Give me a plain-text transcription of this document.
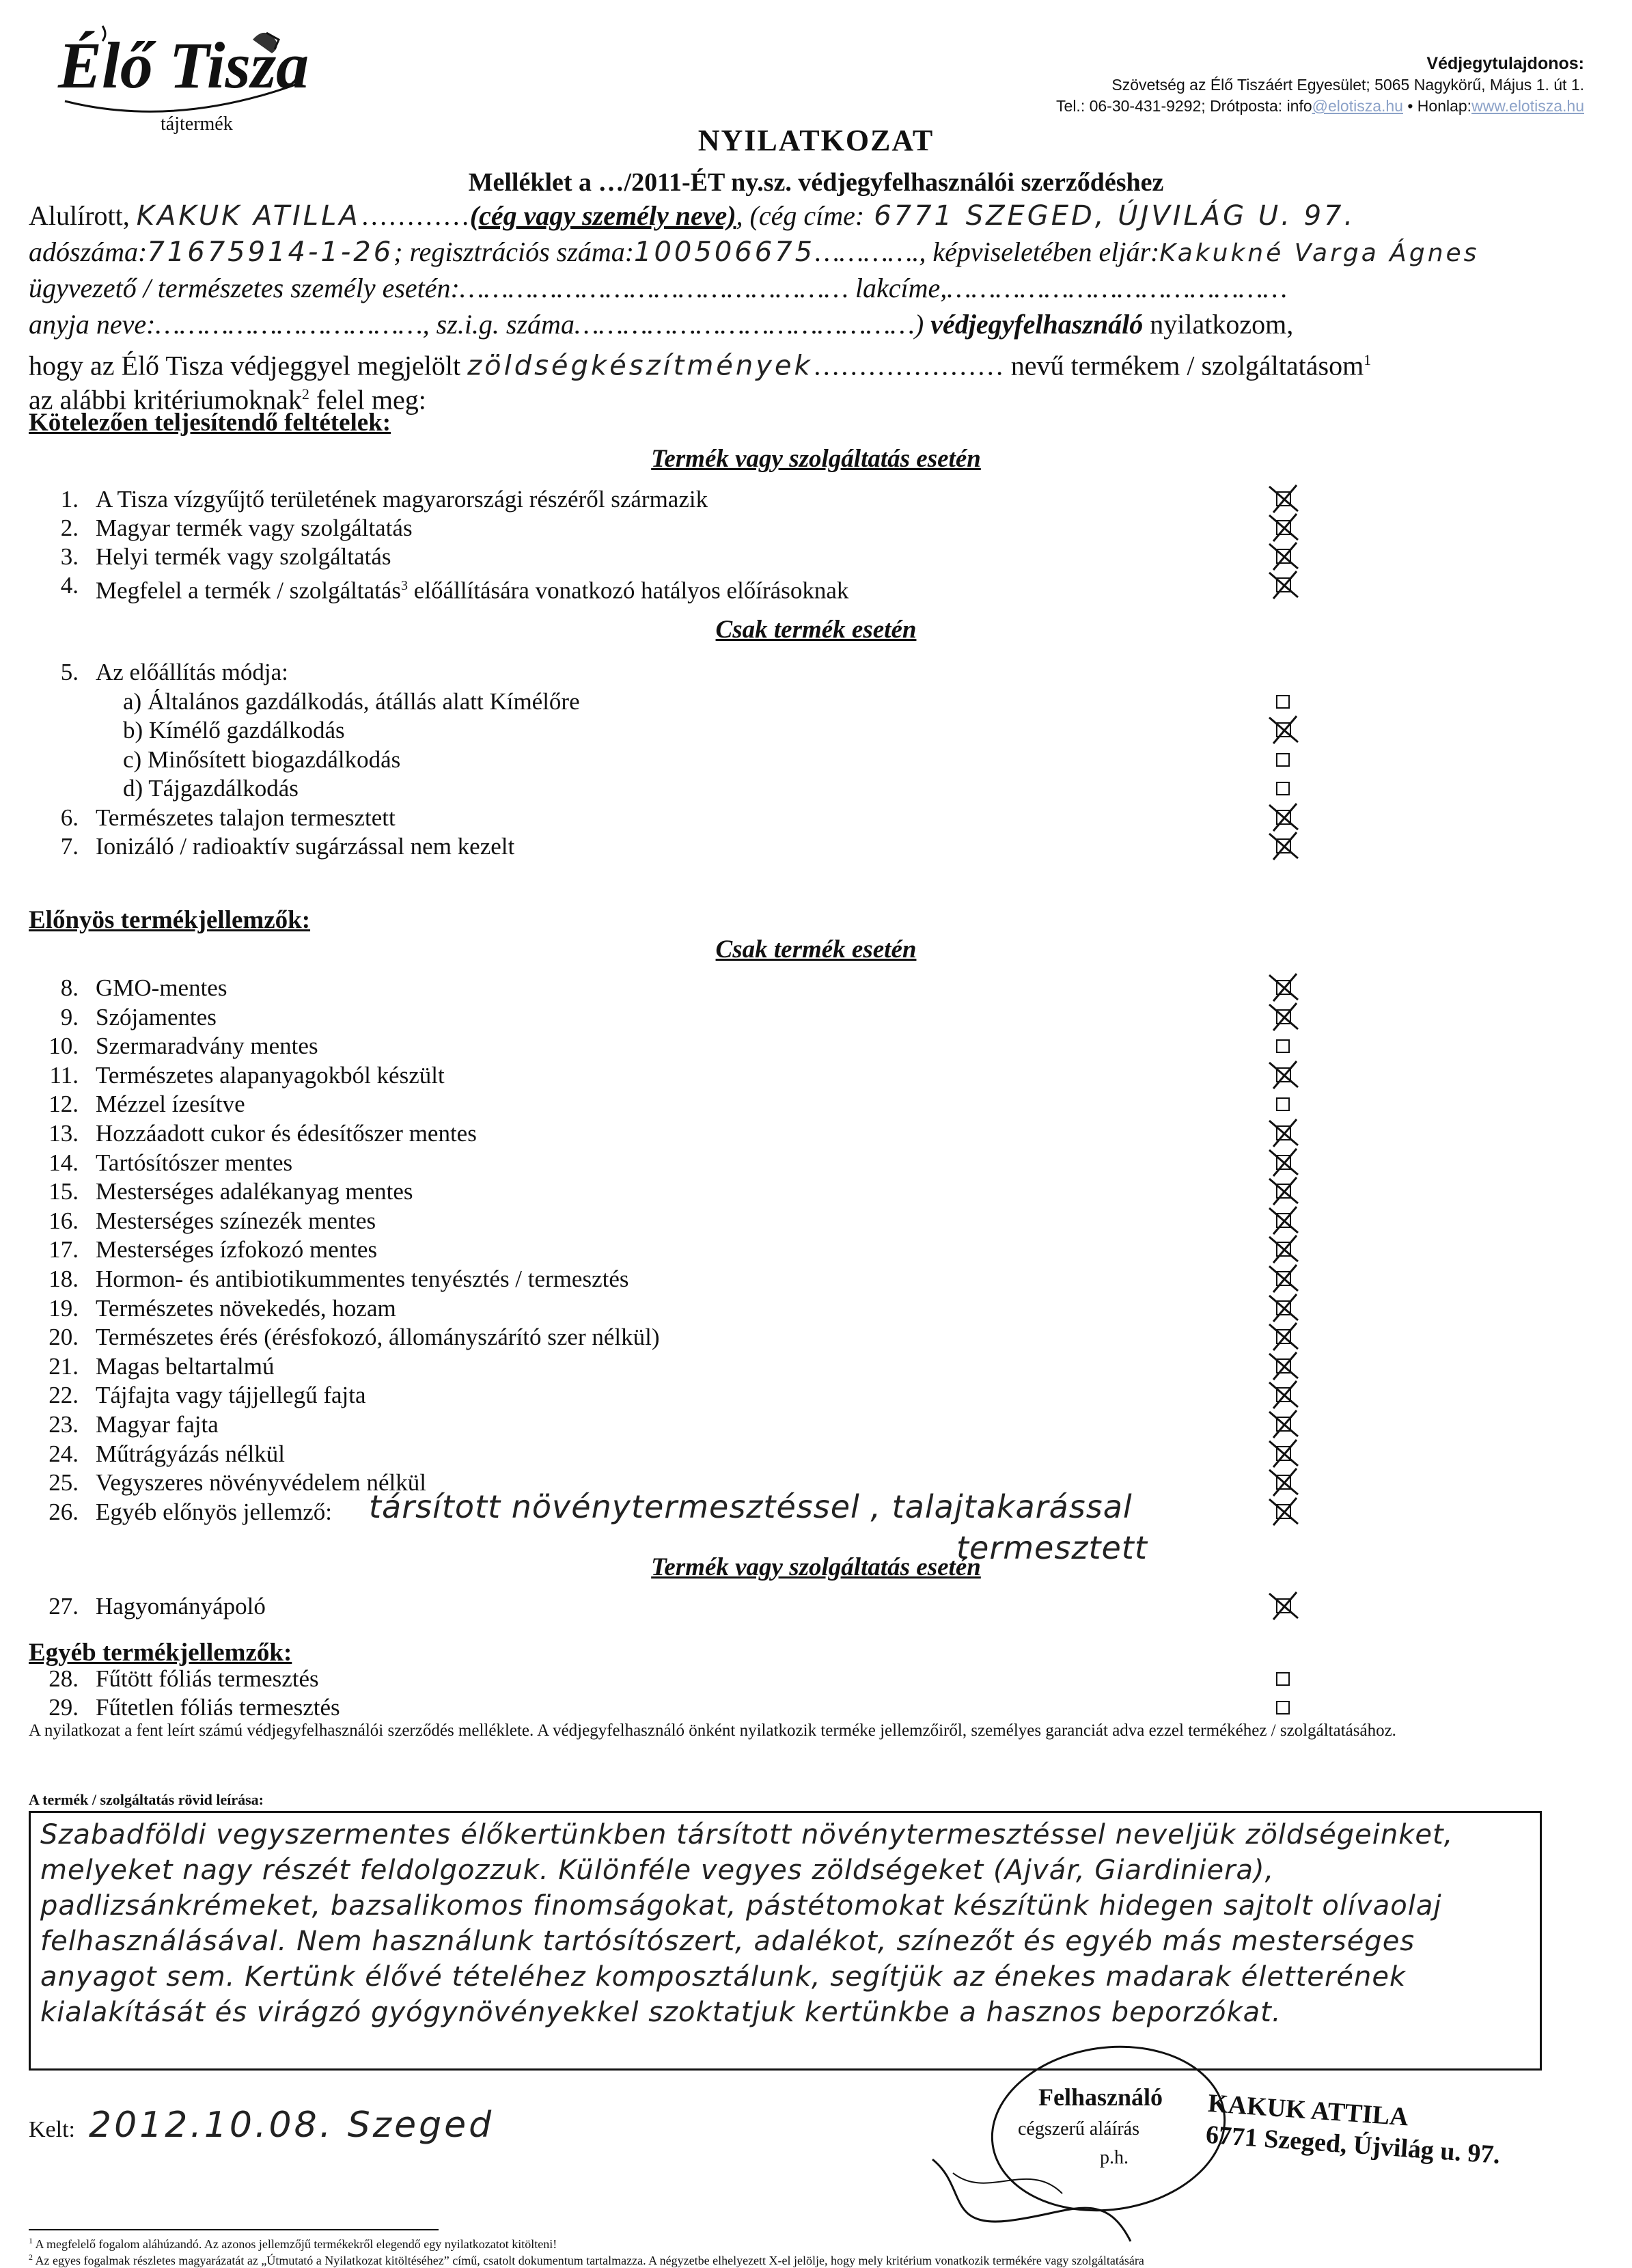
Élő Tisza
tájtermék
Védjegytulajdonos:
Szövetség az Élő Tiszáért Egyesület; 5065 Nagykörű, Május 1. út 1.
Tel.: 06-30-431-9292; Drótposta: info@elotisza.hu • Honlap:www.elotisza.hu
NYILATKOZAT
Melléklet a …/2011-ÉT ny.sz. védjegyfelhasználói szerződéshez
Alulírott, KAKUK ATILLA…………(cég vagy személy neve), (cég címe: 6771 SZEGED, ÚJVILÁG U. 97.
adószáma:71675914-1-26; regisztrációs száma:100506675…………., képviseletében eljár:Kakukné Varga Ágnes
ügyvezető / természetes személy esetén:………………………………………… lakcíme,……………………………………
anyja neve:……………………………, sz.i.g. száma……………………………………) védjegyfelhasználó nyilatkozom,
hogy az Élő Tisza védjeggyel megjelölt zöldségkészítmények………………… nevű termékem / szolgáltatásom$^1$
az alábbi kritériumoknak$^2$ felel meg:
Kötelezően teljesítendő feltételek:
Termék vagy szolgáltatás esetén
1. A Tisza vízgyűjtő területének magyarországi részéről származik
2. Magyar termék vagy szolgáltatás
3. Helyi termék vagy szolgáltatás
4. Megfelel a termék / szolgáltatás$^3$ előállítására vonatkozó hatályos előírásoknak
Csak termék esetén
5. Az előállítás módja:
a) Általános gazdálkodás, átállás alatt Kímélőre
b) Kímélő gazdálkodás
c) Minősített biogazdálkodás
d) Tájgazdálkodás
6. Természetes talajon termesztett
7. Ionizáló / radioaktív sugárzással nem kezelt
Előnyös termékjellemzők:
Csak termék esetén
8. GMO-mentes
9. Szójamentes
10. Szermaradvány mentes
11. Természetes alapanyagokból készült
12. Mézzel ízesítve
13. Hozzáadott cukor és édesítőszer mentes
14. Tartósítószer mentes
15. Mesterséges adalékanyag mentes
16. Mesterséges színezék mentes
17. Mesterséges ízfokozó mentes
18. Hormon- és antibiotikummentes tenyésztés / termesztés
19. Természetes növekedés, hozam
20. Természetes érés (érésfokozó, állományszárító szer nélkül)
21. Magas beltartalmú
22. Tájfajta vagy tájjellegű fajta
23. Magyar fajta
24. Műtrágyázás nélkül
25. Vegyszeres növényvédelem nélkül
26. Egyéb előnyös jellemző: társított növénytermesztéssel , talajtakarással
termesztett
Termék vagy szolgáltatás esetén
27. Hagyományápoló
Egyéb termékjellemzők:
28. Fűtött fóliás termesztés
29. Fűtetlen fóliás termesztés
A nyilatkozat a fent leírt számú védjegyfelhasználói szerződés melléklete. A védjegyfelhasználó önként nyilatkozik terméke jellemzőiről, személyes garanciát adva ezzel termékéhez / szolgáltatásához.
A termék / szolgáltatás rövid leírása:
Szabadföldi vegyszermentes élőkertünkben társított növénytermesztéssel neveljük zöldségeinket, melyeket nagy részét feldolgozzuk. Különféle vegyes zöldségeket (Ajvár, Giardiniera), padlizsánkrémeket, bazsalikomos finomságokat, pástétomokat készítünk hidegen sajtolt olívaolaj felhasználásával. Nem használunk tartósítószert, adalékot, színezőt és egyéb más mesterséges anyagot sem. Kertünk élővé tételéhez komposztálunk, segítjük az énekes madarak életterének kialakítását és virágzó gyógynövényekkel szoktatjuk kertünkbe a hasznos beporzókat.
Kelt: 2012.10.08. Szeged
Felhasználó
cégszerű aláírás
p.h.
KAKUK ATTILA
6771 Szeged, Újvilág u. 97.
$^1$ A megfelelő fogalom aláhúzandó. Az azonos jellemzőjű termékekről elegendő egy nyilatkozatot kitölteni!
$^2$ Az egyes fogalmak részletes magyarázatát az „Útmutató a Nyilatkozat kitöltéséhez” című, csatolt dokumentum tartalmazza. A négyzetbe elhelyezett X-el jelölje, hogy mely kritérium vonatkozik termékére vagy szolgáltatására
